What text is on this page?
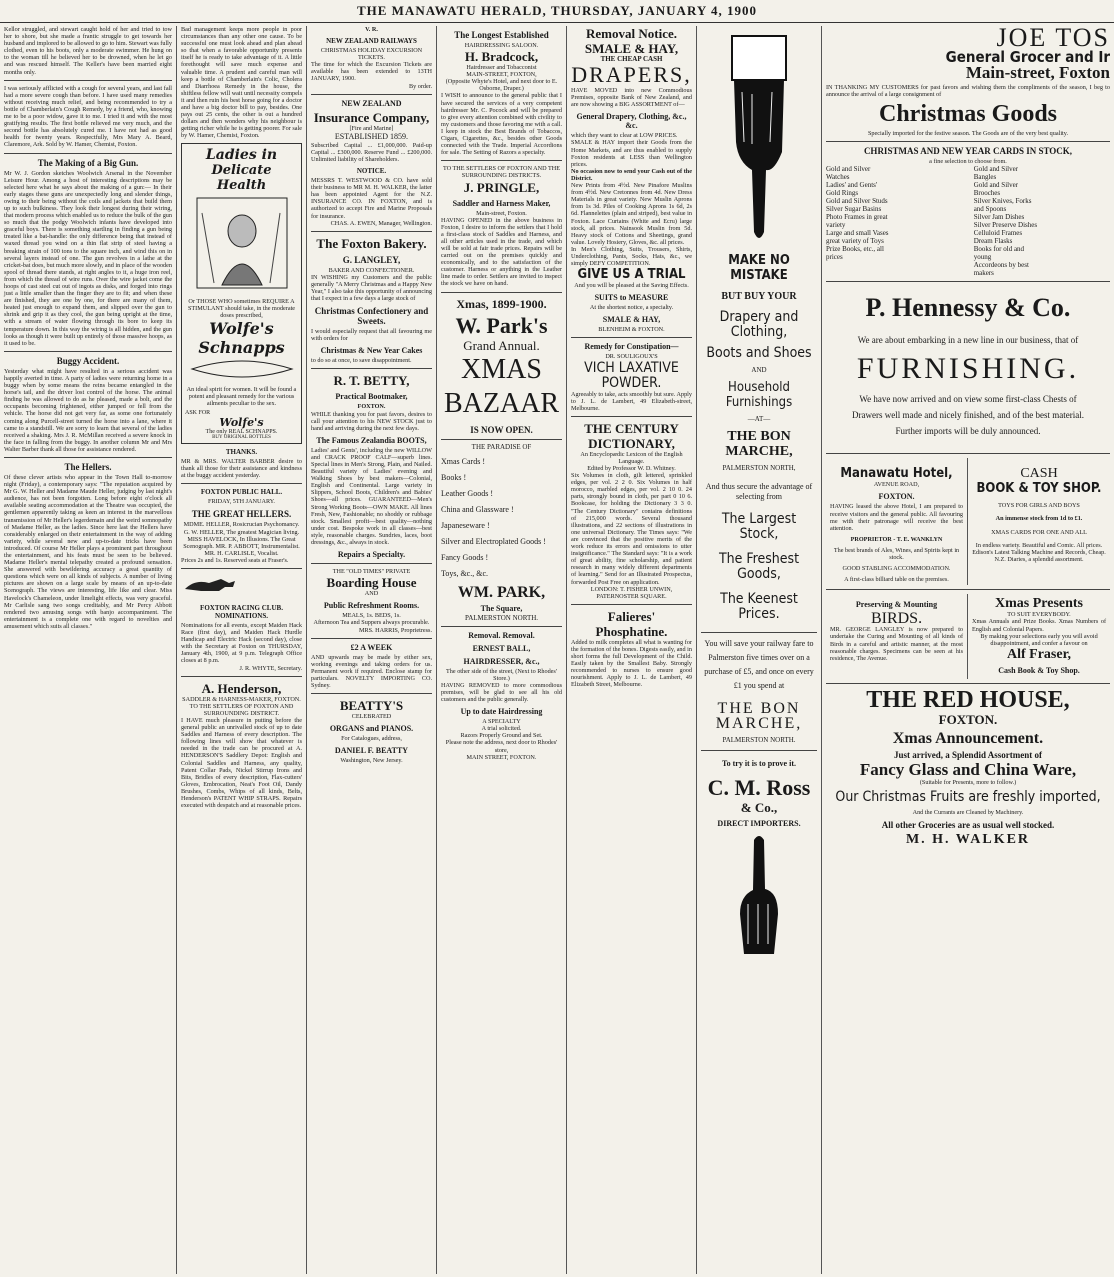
THE MANAWATU HERALD, THURSDAY, JANUARY 4, 1900
Kellor struggled, and stewart caught hold of her and tried to tow her to shore, but she made a frantic struggle to get towards her husband and implored to be allowed to go to him. Stewart was fully clothed, even to his boots, only a moderate swimmer. He hung on to the woman till he believed her to be drowned, when he let go and was rescued himself. The Keller's have been married eight months only.
I was seriously afflicted with a cough for several years, and last fall had a more severe cough than before. I have used many remedies without receiving much relief, and being recommended to try a bottle of Chamberlain's Cough Remedy, by a friend, who, knowing me to be a poor widow, gave it to me. I tried it and with the most gratifying results. The first bottle relieved me very much, and the second bottle has absolutely cured me. I have not had as good health for twenty years. Respectfully, Mrs Mary A. Beard, Claremore, Ark. Sold by W. Hamer, Chemist, Foxton.
The Making of a Big Gun.
Mr W. J. Gordon sketches Woolwich Arsenal in the November Leisure Hour. Among a host of interesting descriptions may be selected here what he says about the making of a gun:— In their early stages these guns are unexpectedly long and slender things, owing to their being without the coils and jackets that build them up to such bulkiness. They look their longest during their wiring, that modern process which enabled us to reduce the bulk of the gun so much that the podgy Woolwich infants have developed into graceful boys. There is something startling in finding a gun being treated like a bat-handle: the only difference being that instead of waxed thread you wind on a thin flat strip of steel having a breaking strain of 100 tons to the square inch, and wind this on in several layers instead of one. The gun revolves in a lathe at the cricket-bat does, but much more slowly, and in place of the wooden spool of thread there stands, at right angles to it, a huge iron reel, from which the thread of wire runs. Over the wire jacket come the hoops of cast steel cut out of ingots as disks, and forged into rings just a little smaller than the finger they are to fit; and when these are finished, they are one by one, for there are many of them, heated just enough to expand them, and slipped over the gun to shrink and grip it as they cool, the gun being upright at the time, with a stream of water flowing through its bore to keep its temperature down. In this way the wiring is all hidden, and the gun looks as though it were built up entirely of those massive hoops, as it used to be.
Buggy Accident.
Yesterday what might have resulted in a serious accident was happily averted in time. A party of ladies were returning home in a buggy when by some means the reins became entangled in the horse's tail, and the driver lost control of the horse. The animal finding he was allowed to do as he pleased, made a bolt, and the occupants becoming frightened, either jumped or fell from the vehicle. The horse did not get very far, as some one fortunately coming along Purcell-street turned the horse into a lane, where it came to a standstill. We are sorry to learn that several of the ladies received a shaking. Mrs J. R. McMillan received a severe knock in the face in falling from the buggy. In another column Mr and Mrs Walter Barber thank all those for assistance rendered.
The Hellers.
Of these clever artists who appear in the Town Hall to-morrow night (Friday), a contemporary says: "The reputation acquired by Mr G. W. Heller and Madame Maude Heller, judging by last night's audience, has not been forgotten. Long before eight o'clock all available seating accommodation at the Theatre was occupied, the gentlemen apparently taking as keen an interest in the marvellous transmission of Mr Heller's legerdemain and the weird somnopathy of Madame Heller, as the ladies. Since here last the Hellers have considerably enlarged on their entertainment in the way of adding variety, while several new and up-to-date tricks have been introduced. Of course Mr Heller plays a prominent part throughout the entertainment, and his feats must be seen to be believed. Madame Heller's mental telepathy created a profound sensation. She answered with bewildering accuracy a great quantity of questions which were on all kinds of subjects. A number of living pictures are shown on a large scale by means of an up-to-date Scenograph. The views are interesting, life like and clear. Miss Havelock's Chameleon, under limelight effects, was very graceful. Mr Carlisle sang two songs creditably, and Mr Percy Abbott rendered two amusing songs with banjo accompaniment. The entertainment is a complete one with regard to novelties and amusement which suits all classes."
Bad management keeps more people in poor circumstances than any other one cause. To be successful one must look ahead and plan ahead so that when a favorable opportunity presents itself he is ready to take advantage of it. A little forethought will save much expense and valuable time. A prudent and careful man will keep a bottle of Chamberlain's Colic, Cholera and Diarrhoea Remedy in the house, the shiftless fellow will wait until necessity compels it and then ruin his best horse going for a doctor and have a big doctor bill to pay, besides. One pays out 25 cents, the other is out a hundred dollars and then wonders why his neighbour is getting richer while he is getting poorer. For sale by W. Hamer, Chemist, Foxton.
Ladies in
Delicate Health
Or THOSE WHO sometimes REQUIRE A STIMULANT should take, in the moderate doses prescribed,
Wolfe's
Schnapps
An ideal spirit for women. It will be found a potent and pleasant remedy for the various ailments peculiar to the sex.
ASK FOR
Wolfe's
The only REAL SCHNAPPS.
BUY ORIGINAL BOTTLES
THANKS.
MR & MRS. WALTER BARBER desire to thank all those for their assistance and kindness at the buggy accident yesterday.
FOXTON PUBLIC HALL.
FRIDAY, 5TH JANUARY.
THE GREAT HELLERS.
MDME. HELLER, Rosicrucian Psychomancy. G. W. HELLER, The greatest Magician living. MISS HAVELOCK, In Illusions. The Great Scenograph. MR. P. ABBOTT, Instrumentalist. MR. H. CARLISLE, Vocalist.
Prices 2s and 1s. Reserved seats at Fraser's.
FOXTON RACING CLUB. NOMINATIONS.
Nominations for all events, except Maiden Hack Race (first day), and Maiden Hack Hurdle Handicap and Electric Hack (second day), close with the Secretary at Foxton on THURSDAY, January 4th, 1900, at 9 p.m. Telegraph Office closes at 8 p.m.
J. R. WHYTE, Secretary.
A. Henderson,
SADDLER & HARNESS-MAKER, FOXTON.
TO THE SETTLERS OF FOXTON AND SURROUNDING DISTRICT.
I HAVE much pleasure in putting before the general public an unrivalled stock of up to date Saddles and Harness of every description. The following lines will show that whatever is needed in the trade can be procured at A. HENDERSON'S Saddlery Depot: English and Colonial Saddles and Harness, any quality, Patent Collar Pads, Nickel Stirrup Irons and Bits, Bridles of every description, Flax-cutters' Gloves, Embrocation, Neat's Foot Oil, Dandy Brushes, Combs, Whips of all kinds, Belts, Henderson's PATENT WHIP STRAPS. Repairs executed with despatch and at reasonable prices.
V. R.
NEW ZEALAND RAILWAYS
CHRISTMAS HOLIDAY EXCURSION TICKETS.
The time for which the Excursion Tickets are available has been extended to 13TH JANUARY, 1900.
By order.
NEW ZEALAND
Insurance Company,
[Fire and Marine]
ESTABLISHED 1859.
Subscribed Capital ... £1,000,000. Paid-up Capital ... £300,000. Reserve Fund ... £200,000. Unlimited liability of Shareholders.
NOTICE.
MESSRS T. WESTWOOD & CO. have sold their business to MR M. H. WALKER, the latter has been appointed Agent for the N.Z. INSURANCE CO. IN FOXTON, and is authorized to accept Fire and Marine Proposals for insurance.
CHAS. A. EWEN, Manager, Wellington.
The Foxton Bakery.
G. LANGLEY,
BAKER AND CONFECTIONER.
IN WISHING my Customers and the public generally "A Merry Christmas and a Happy New Year," I also take this opportunity of announcing that I expect in a few days a large stock of
Christmas Confectionery and Sweets.
I would especially request that all favouring me with orders for
Christmas & New Year Cakes
to do so at once, to save disappointment.
R. T. BETTY,
Practical Bootmaker,
FOXTON.
WHILE thanking you for past favors, desires to call your attention to his NEW STOCK just to hand and arriving during the next few days.
The Famous Zealandia BOOTS,
Ladies' and Gents', including the new WILLOW and CRACK PROOF CALF—superb lines. Special lines in Men's Strong, Plain, and Nailed. Beautiful variety of Ladies' evening and Walking Shoes by best makers—Colonial, English and Continental. Large variety in Slippers, School Boots, Children's and Babies' Shoes—all prices. GUARANTEED—Men's Strong Working Boots—OWN MAKE. All lines Fresh, New, Fashionable; no shoddy or rubbage stock. Smallest profit—best quality—nothing under cost. Bespoke work in all classes—best style, reasonable charges. Sundries, laces, boot dressings, &c., always in stock.
Repairs a Specialty.
THE "OLD TIMES" PRIVATE
Boarding House
AND
Public Refreshment Rooms.
MEALS, 1s. BEDS, 1s.
Afternoon Tea and Suppers always procurable.
MRS. HARRIS, Proprietress.
£2 A WEEK
AND upwards may be made by either sex, working evenings and taking orders for us. Permanent work if required. Enclose stamp for particulars. NOVELTY IMPORTING CO. Sydney.
BEATTY'S
CELEBRATED
ORGANS and PIANOS.
For Catalogues, address,
DANIEL F. BEATTY
Washington, New Jersey.
The Longest Established
HAIRDRESSING SALOON.
H. Bradcock,
Hairdresser and Tobacconist
MAIN-STREET, FOXTON,
(Opposite Whyte's Hotel, and next door to E. Osborne, Draper.)
I WISH to announce to the general public that I have secured the services of a very competent hairdresser Mr. C. Pocock and will be prepared to give every attention combined with civility to my customers and those favoring me with a call. I keep in stock the Best Brands of Tobaccos, Cigars, Cigarettes, &c., besides other Goods connected with the Trade. Imperial Accordions for sale. The Setting of Razors a specialty.
TO THE SETTLERS OF FOXTON AND THE SURROUNDING DISTRICTS.
J. PRINGLE,
Saddler and Harness Maker,
Main-street, Foxton.
HAVING OPENED in the above business in Foxton, I desire to inform the settlers that I hold a first-class stock of Saddles and Harness, and all other articles used in the trade, and which will be sold at fair trade prices. Repairs will be carried out on the premises quickly and economically, and to the satisfaction of the customer. Harness or anything in the Leather line made to order. Settlers are invited to inspect the stock we have on hand.
Xmas, 1899-1900.
W. Park's
Grand Annual.
XMAS
BAZAAR
IS NOW OPEN.
THE PARADISE OF
Xmas Cards !
Books !
Leather Goods !
China and Glassware !
Japaneseware !
Silver and Electroplated Goods !
Fancy Goods !
Toys, &c., &c.
WM. PARK,
The Square,
PALMERSTON NORTH.
Removal. Removal.
ERNEST BALL,
HAIRDRESSER, &c.,
The other side of the street, (Next to Rhodes' Store.)
HAVING REMOVED to more commodious premises, will be glad to see all his old customers and the public generally.
Up to date Hairdressing
A SPECIALTY
A trial solicited.
Razors Properly Ground and Set.
Please note the address, next door to Rhodes' store,
MAIN STREET, FOXTON.
Removal Notice.
SMALE & HAY,
THE CHEAP CASH
DRAPERS,
HAVE MOVED into new Commodious Premises, opposite Bank of New Zealand, and are now showing a BIG ASSORTMENT of—
General Drapery, Clothing, &c., &c.
which they want to clear at LOW PRICES.
SMALE & HAY import their Goods from the Home Markets, and are thus enabled to supply Foxton residents at LESS than Wellington prices.
No occasion now to send your Cash out of the District.
New Prints from 4½d. New Pinafore Muslins from 4½d. New Cretonnes from 4d. New Dress Materials in great variety. New Muslin Aprons from 1s 3d. Piles of Cooking Aprons 1s 6d, 2s 6d. Flannelettes (plain and striped), best value in Foxton. Lace Curtains (White and Ecru) large stock, all prices. Nainsook Muslin from 5d. Heavy stock of Cottons and Sheetings, grand value. Lovely Hosiery, Gloves, &c. all prices.
In Men's Clothing, Suits, Trousers, Shirts, Underclothing, Pants, Socks, Hats, &c., we simply DEFY COMPETITION.
GIVE US A TRIAL
And you will be pleased at the Saving Effects.
SUITS to MEASURE
At the shortest notice, a specialty.
SMALE & HAY,
BLENHEIM & FOXTON.
Remedy for Constipation—
DR. SOULIGOUX'S
VICH LAXATIVE POWDER.
Agreeably to take, acts smoothly but sure. Apply to J. L. de Lambert, 49 Elizabeth-street, Melbourne.
THE CENTURY
DICTIONARY,
An Encyclopædic Lexicon of the English Language.
Edited by Professor W. D. Whitney.
Six Volumes in cloth, gilt lettered, sprinkled edges, per vol. 2 2 0. Six Volumes in half morocco, marbled edges, per vol. 2 10 0. 24 parts, strongly bound in cloth, per part 0 10 6. Bookcase, for holding the Dictionary 3 3 0. "The Century Dictionary" contains definitions of 215,000 words. Several thousand illustrations, and 22 sections of illustrations in one universal Dictionary. The Times says: "We are convinced that the positive merits of the work reduce its errors and omissions to utter insignificance." The Standard says: "It is a work of great ability, fine scholarship, and patient research in many widely different departments of learning." Send for an Illustrated Prospectus, forwarded Post Free on application.
LONDON: T. FISHER UNWIN, PATERNOSTER SQUARE.
Falieres' Phosphatine.
Added to milk completes all what is wanting for the formation of the bones. Digests easily, and in short forms the full Development of the Child. Easily taken by the Smallest Baby. Strongly recommended to nurses to ensure good nourishment. Apply to J. L. de Lambert, 49 Elizabeth Street, Melbourne.
MAKE NO MISTAKE
BUT BUY YOUR
Drapery and Clothing,
Boots and Shoes
AND
Household Furnishings
—AT—
THE BON MARCHE,
PALMERSTON NORTH,
And thus secure the advantage of selecting from
The Largest Stock,
The Freshest Goods,
The Keenest Prices.
You will save your railway fare to Palmerston five times over on a purchase of £5, and once on every £1 you spend at
THE BON MARCHE,
PALMERSTON NORTH.
To try it is to prove it.
C. M. Ross
& Co.,
DIRECT IMPORTERS.
JOE TOS
General Grocer and Ir
Main-street, Foxton
IN THANKING MY CUSTOMERS for past favors and wishing them the compliments of the season, I beg to announce the arrival of a large consignment of
Christmas Goods
Specially imported for the festive season. The Goods are of the very best quality.
CHRISTMAS AND NEW YEAR CARDS IN STOCK,
a fine selection to choose from.
Gold and Silver Watches
Ladies' and Gents' Gold Rings
Gold and Silver Studs
Silver Sugar Basins
Photo Frames in great variety
Large and small Vases
great variety of Toys
Prize Books, etc., all prices
Gold and Silver Bangles
Gold and Silver Brooches
Silver Knives, Forks and Spoons
Silver Jam Dishes
Silver Preserve Dishes
Celluloid Frames
Dream Flasks
Books for old and young
Accordeons by best makers
P. Hennessy & Co.
We are about embarking in a new line in our business, that of
FURNISHING.
We have now arrived and on view some first-class Chests of Drawers well made and nicely finished, and of the best material. Further imports will be duly announced.
Manawatu Hotel,
AVENUE ROAD,
FOXTON.
HAVING leased the above Hotel, I am prepared to receive visitors and the general public. All favouring me with their patronage will receive the best attention.
PROPRIETOR - T. E. WANKLYN
The best brands of Ales, Wines, and Spirits kept in stock.
GOOD STABLING ACCOMMODATION.
A first-class billiard table on the premises.
CASH
BOOK & TOY SHOP.
TOYS FOR GIRLS AND BOYS
An immense stock from 1d to £1.
XMAS CARDS FOR ONE AND ALL
In endless variety. Beautiful and Comic. All prices.
Edison's Latest Talking Machine and Records, Cheap.
N.Z. Diaries, a splendid assortment.
Preserving & Mounting
BIRDS.
MR. GEORGE LANGLEY is now prepared to undertake the Curing and Mounting of all kinds of Birds in a careful and artistic manner, at the most reasonable charges. Specimens can be seen at his residence, The Avenue.
Xmas Presents
TO SUIT EVERYBODY.
Xmas Annuals and Prize Books. Xmas Numbers of English and Colonial Papers.
By making your selections early you will avoid disappointment, and confer a favour on
Alf Fraser,
Cash Book & Toy Shop.
THE RED HOUSE,
FOXTON.
Xmas Announcement.
Just arrived, a Splendid Assortment of
Fancy Glass and China Ware,
(Suitable for Presents, more to follow.)
Our Christmas Fruits are freshly imported,
And the Currants are Cleaned by Machinery.
All other Groceries are as usual well stocked.
M. H. WALKER
